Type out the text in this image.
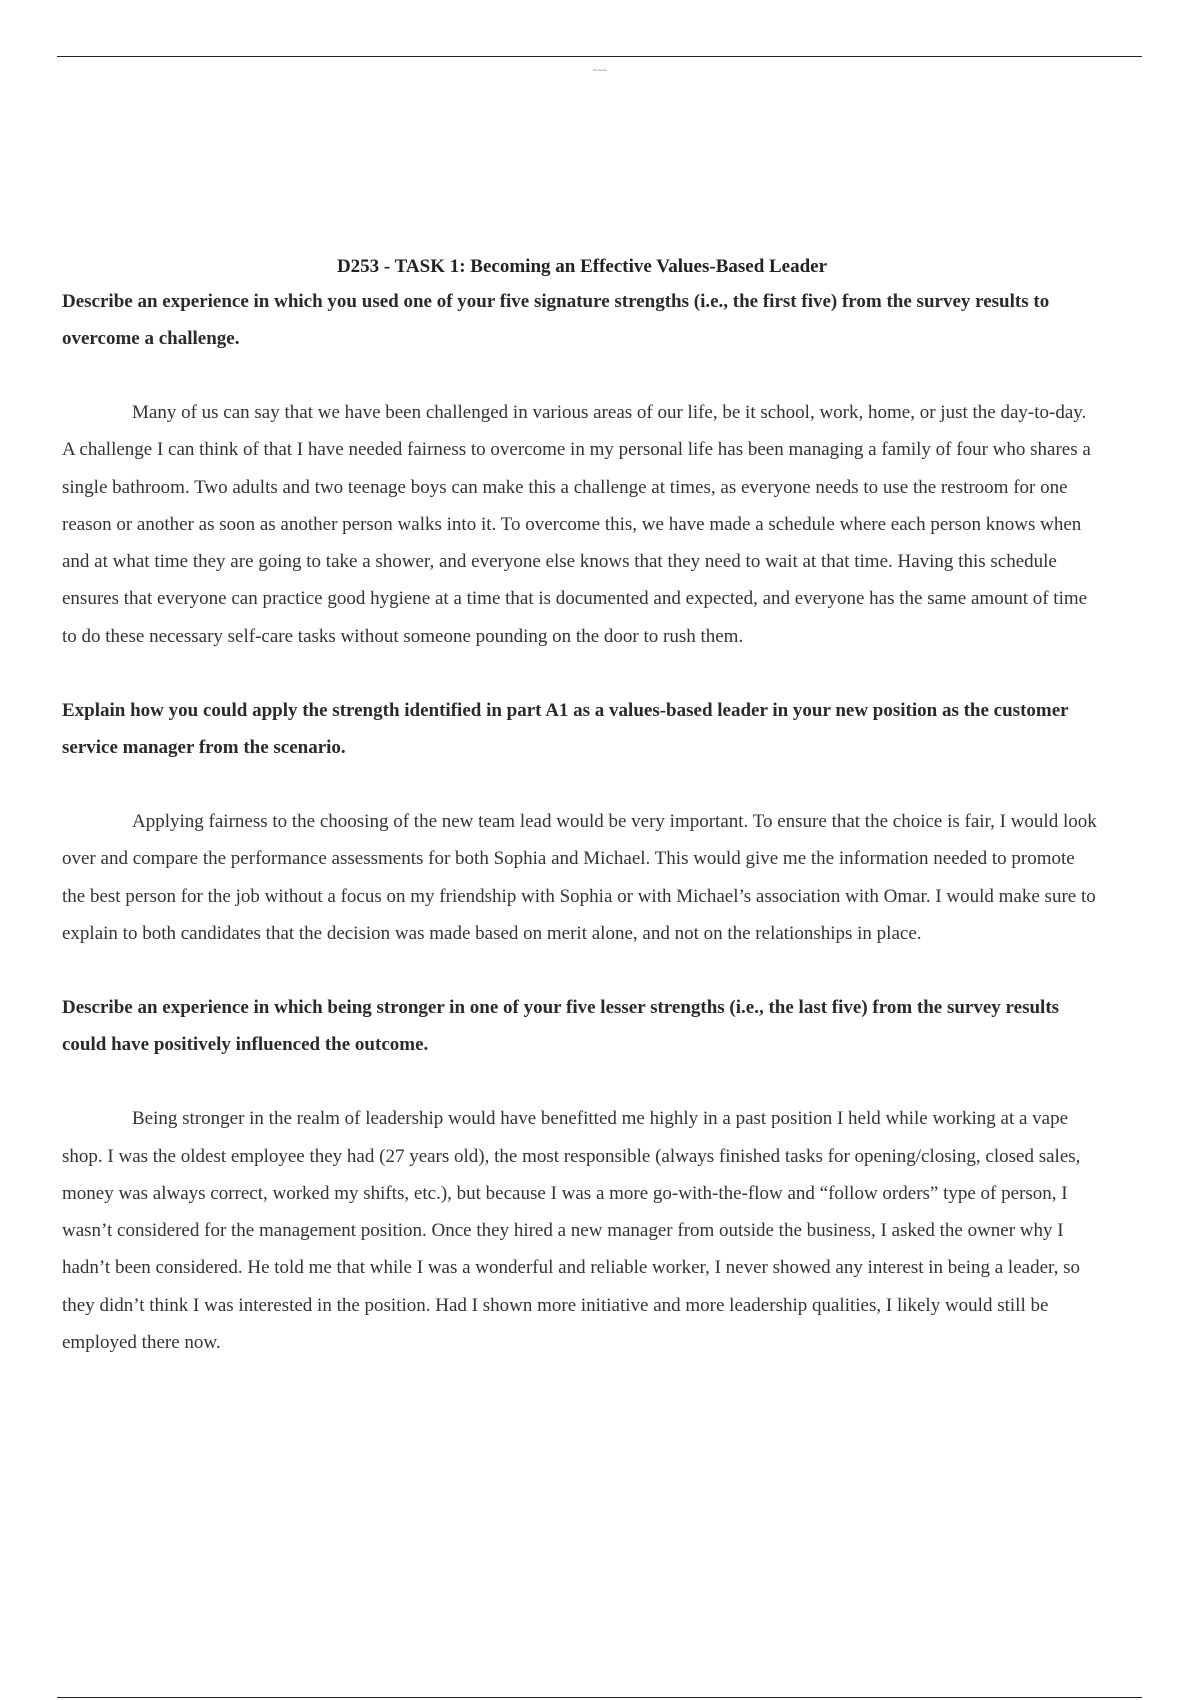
~~~

D253 - TASK 1: Becoming an Effective Values-Based Leader

Describe an experience in which you used one of your five signature strengths (i.e., the first five) from the survey results to overcome a challenge.

Many of us can say that we have been challenged in various areas of our life, be it school, work, home, or just the day-to-day. A challenge I can think of that I have needed fairness to overcome in my personal life has been managing a family of four who shares a single bathroom. Two adults and two teenage boys can make this a challenge at times, as everyone needs to use the restroom for one reason or another as soon as another person walks into it. To overcome this, we have made a schedule where each person knows when and at what time they are going to take a shower, and everyone else knows that they need to wait at that time. Having this schedule ensures that everyone can practice good hygiene at a time that is documented and expected, and everyone has the same amount of time to do these necessary self-care tasks without someone pounding on the door to rush them.

Explain how you could apply the strength identified in part A1 as a values-based leader in your new position as the customer service manager from the scenario.

Applying fairness to the choosing of the new team lead would be very important. To ensure that the choice is fair, I would look over and compare the performance assessments for both Sophia and Michael. This would give me the information needed to promote the best person for the job without a focus on my friendship with Sophia or with Michael’s association with Omar. I would make sure to explain to both candidates that the decision was made based on merit alone, and not on the relationships in place.

Describe an experience in which being stronger in one of your five lesser strengths (i.e., the last five) from the survey results could have positively influenced the outcome.

Being stronger in the realm of leadership would have benefitted me highly in a past position I held while working at a vape shop. I was the oldest employee they had (27 years old), the most responsible (always finished tasks for opening/closing, closed sales, money was always correct, worked my shifts, etc.), but because I was a more go-with-the-flow and “follow orders” type of person, I wasn’t considered for the management position. Once they hired a new manager from outside the business, I asked the owner why I hadn’t been considered. He told me that while I was a wonderful and reliable worker, I never showed any interest in being a leader, so they didn’t think I was interested in the position. Had I shown more initiative and more leadership qualities, I likely would still be employed there now.
